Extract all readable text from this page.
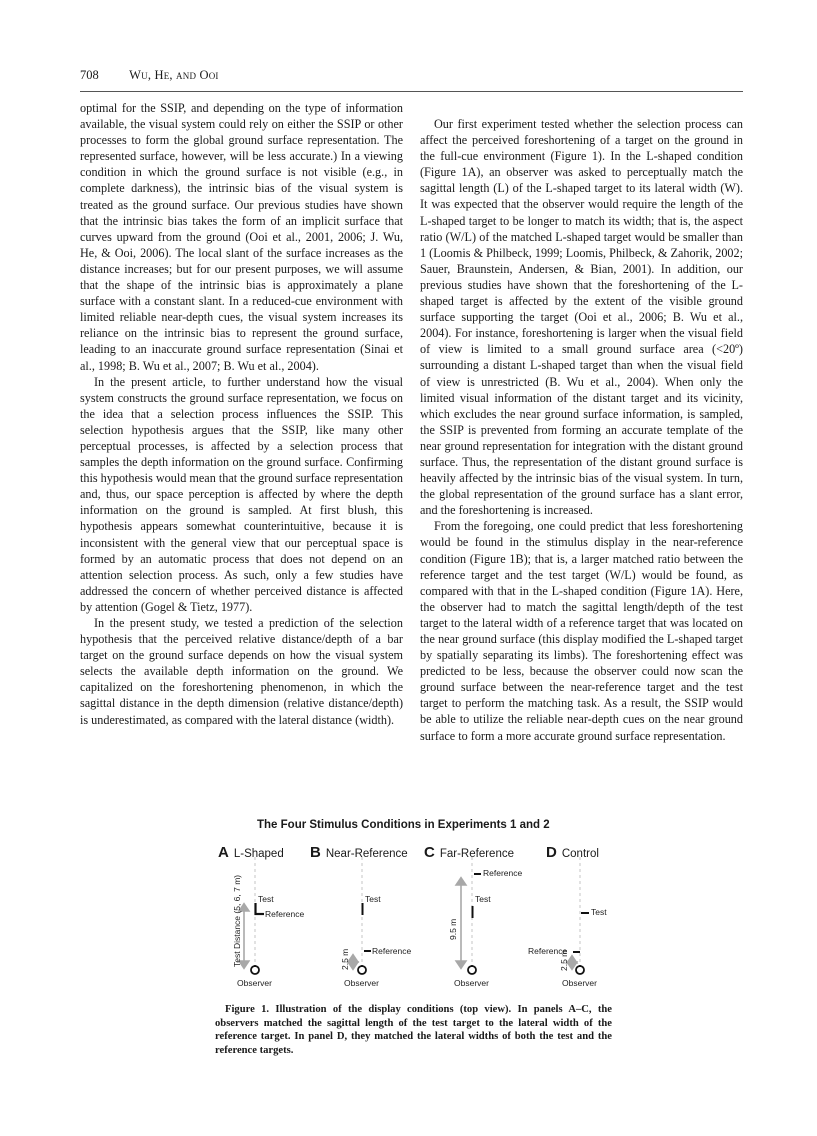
708 Wu, He, and Ooi

optimal for the SSIP, and depending on the type of information available, the visual system could rely on either the SSIP or other processes to form the global ground surface representation. The represented surface, however, will be less accurate.) In a viewing condition in which the ground surface is not visible (e.g., in complete darkness), the intrinsic bias of the visual system is treated as the ground surface. Our previous studies have shown that the intrinsic bias takes the form of an implicit surface that curves upward from the ground (Ooi et al., 2001, 2006; J. Wu, He, & Ooi, 2006). The local slant of the surface increases as the distance increases; but for our present purposes, we will assume that the shape of the intrinsic bias is approximately a plane surface with a constant slant. In a reduced-cue environment with limited reliable near-depth cues, the visual system increases its reliance on the intrinsic bias to represent the ground surface, leading to an inaccurate ground surface representation (Sinai et al., 1998; B. Wu et al., 2007; B. Wu et al., 2004).

In the present article, to further understand how the visual system constructs the ground surface representation, we focus on the idea that a selection process influences the SSIP. This selection hypothesis argues that the SSIP, like many other perceptual processes, is affected by a selection process that samples the depth information on the ground surface. Confirming this hypothesis would mean that the ground surface representation and, thus, our space perception is affected by where the depth information on the ground is sampled. At first blush, this hypothesis appears somewhat counterintuitive, because it is inconsistent with the general view that our perceptual space is formed by an automatic process that does not depend on an attention selection process. As such, only a few studies have addressed the concern of whether perceived distance is affected by attention (Gogel & Tietz, 1977).

In the present study, we tested a prediction of the selection hypothesis that the perceived relative distance/depth of a bar target on the ground surface depends on how the visual system selects the available depth information on the ground. We capitalized on the foreshortening phenomenon, in which the sagittal distance in the depth dimension (relative distance/depth) is underestimated, as compared with the lateral distance (width).

Our first experiment tested whether the selection process can affect the perceived foreshortening of a target on the ground in the full-cue environment (Figure 1). In the L-shaped condition (Figure 1A), an observer was asked to perceptually match the sagittal length (L) of the L-shaped target to its lateral width (W). It was expected that the observer would require the length of the L-shaped target to be longer to match its width; that is, the aspect ratio (W/L) of the matched L-shaped target would be smaller than 1 (Loomis & Philbeck, 1999; Loomis, Philbeck, & Zahorik, 2002; Sauer, Braunstein, Andersen, & Bian, 2001). In addition, our previous studies have shown that the foreshortening of the L-shaped target is affected by the extent of the visible ground surface supporting the target (Ooi et al., 2006; B. Wu et al., 2004). For instance, foreshortening is larger when the visual field of view is limited to a small ground surface area (<20º) surrounding a distant L-shaped target than when the visual field of view is unrestricted (B. Wu et al., 2004). When only the limited visual information of the distant target and its vicinity, which excludes the near ground surface information, is sampled, the SSIP is prevented from forming an accurate template of the near ground representation for integration with the distant ground surface. Thus, the representation of the distant ground surface is heavily affected by the intrinsic bias of the visual system. In turn, the global representation of the ground surface has a slant error, and the foreshortening is increased.

From the foregoing, one could predict that less foreshortening would be found in the stimulus display in the near-reference condition (Figure 1B); that is, a larger matched ratio between the reference target and the test target (W/L) would be found, as compared with that in the L-shaped condition (Figure 1A). Here, the observer had to match the sagittal length/depth of the test target to the lateral width of a reference target that was located on the near ground surface (this display modified the L-shaped target by spatially separating its limbs). The foreshortening effect was predicted to be less, because the observer could now scan the ground surface between the near-reference target and the test target to perform the matching task. As a result, the SSIP would be able to utilize the reliable near-depth cues on the near ground surface to form a more accurate ground surface representation.

The Four Stimulus Conditions in Experiments 1 and 2
A L-Shaped B Near-Reference C Far-Reference D Control
Test
Reference
Test Distance (5, 6, 7 m)
Observer
Test
Reference
2.5 m
Observer
Reference
Test
9.5 m
Observer
Test
Reference
2.5 m
Observer
Figure 1. Illustration of the display conditions (top view). In panels A–C, the observers matched the sagittal length of the test target to the lateral width of the reference target. In panel D, they matched the lateral widths of both the test and the reference targets.
